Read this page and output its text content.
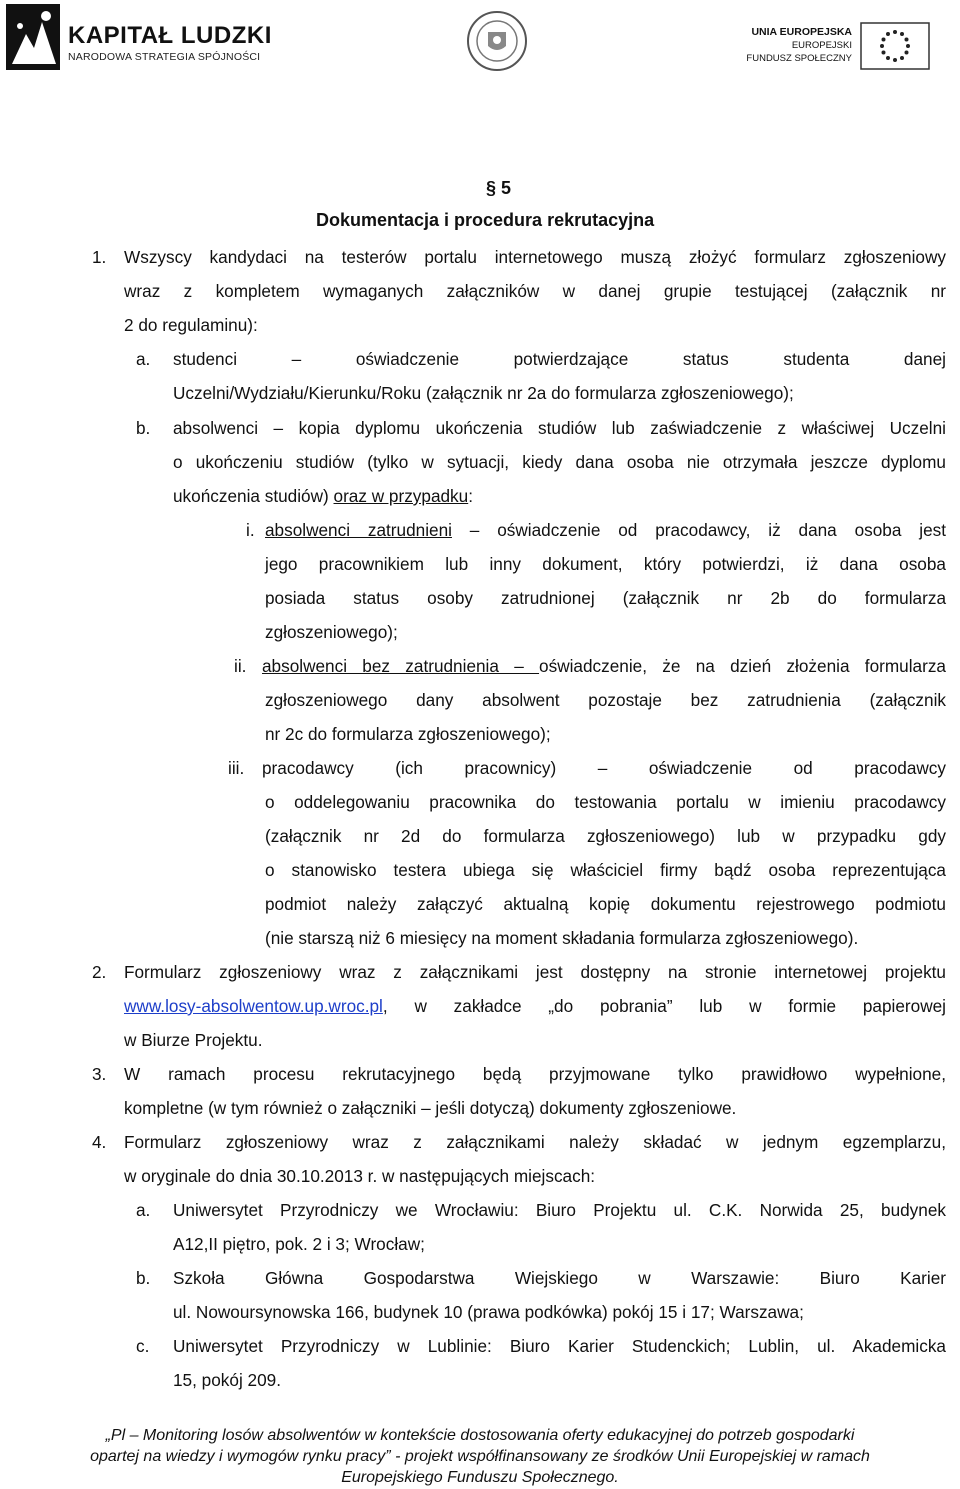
KAPITAŁ LUDZKI
NARODOWA STRATEGIA SPÓJNOŚCI
UNIA EUROPEJSKA
EUROPEJSKI
FUNDUSZ SPOŁECZNY
§ 5
Dokumentacja i procedura rekrutacyjna
1. Wszyscy kandydaci na testerów portalu internetowego muszą złożyć formularz zgłoszeniowy
wraz z kompletem wymaganych załączników w danej grupie testującej (załącznik nr
2 do regulaminu):
a. studenci – oświadczenie potwierdzające status studenta danej
Uczelni/Wydziału/Kierunku/Roku (załącznik nr 2a do formularza zgłoszeniowego);
b. absolwenci – kopia dyplomu ukończenia studiów lub zaświadczenie z właściwej Uczelni
o ukończeniu studiów (tylko w sytuacji, kiedy dana osoba nie otrzymała jeszcze dyplomu
ukończenia studiów) oraz w przypadku:
i. absolwenci zatrudnieni – oświadczenie od pracodawcy, iż dana osoba jest
jego pracownikiem lub inny dokument, który potwierdzi, iż dana osoba
posiada status osoby zatrudnionej (załącznik nr 2b do formularza
zgłoszeniowego);
ii. absolwenci bez zatrudnienia – oświadczenie, że na dzień złożenia formularza
zgłoszeniowego dany absolwent pozostaje bez zatrudnienia (załącznik
nr 2c do formularza zgłoszeniowego);
iii. pracodawcy (ich pracownicy) – oświadczenie od pracodawcy
o oddelegowaniu pracownika do testowania portalu w imieniu pracodawcy
(załącznik nr 2d do formularza zgłoszeniowego) lub w przypadku gdy
o stanowisko testera ubiega się właściciel firmy bądź osoba reprezentująca
podmiot należy załączyć aktualną kopię dokumentu rejestrowego podmiotu
(nie starszą niż 6 miesięcy na moment składania formularza zgłoszeniowego).
2. Formularz zgłoszeniowy wraz z załącznikami jest dostępny na stronie internetowej projektu
www.losy-absolwentow.up.wroc.pl, w zakładce „do pobrania” lub w formie papierowej
w Biurze Projektu.
3. W ramach procesu rekrutacyjnego będą przyjmowane tylko prawidłowo wypełnione,
kompletne (w tym również o załączniki – jeśli dotyczą) dokumenty zgłoszeniowe.
4. Formularz zgłoszeniowy wraz z załącznikami należy składać w jednym egzemplarzu,
w oryginale do dnia 30.10.2013 r. w następujących miejscach:
a. Uniwersytet Przyrodniczy we Wrocławiu: Biuro Projektu ul. C.K. Norwida 25, budynek
A12,II piętro, pok. 2 i 3; Wrocław;
b. Szkoła Główna Gospodarstwa Wiejskiego w Warszawie: Biuro Karier
ul. Nowoursynowska 166, budynek 10 (prawa podkówka) pokój 15 i 17; Warszawa;
c. Uniwersytet Przyrodniczy w Lublinie: Biuro Karier Studenckich; Lublin, ul. Akademicka
15, pokój 209.
„Pl – Monitoring losów absolwentów w kontekście dostosowania oferty edukacyjnej do potrzeb gospodarki
opartej na wiedzy i wymogów rynku pracy” - projekt współfinansowany ze środków Unii Europejskiej w ramach
Europejskiego Funduszu Społecznego.
